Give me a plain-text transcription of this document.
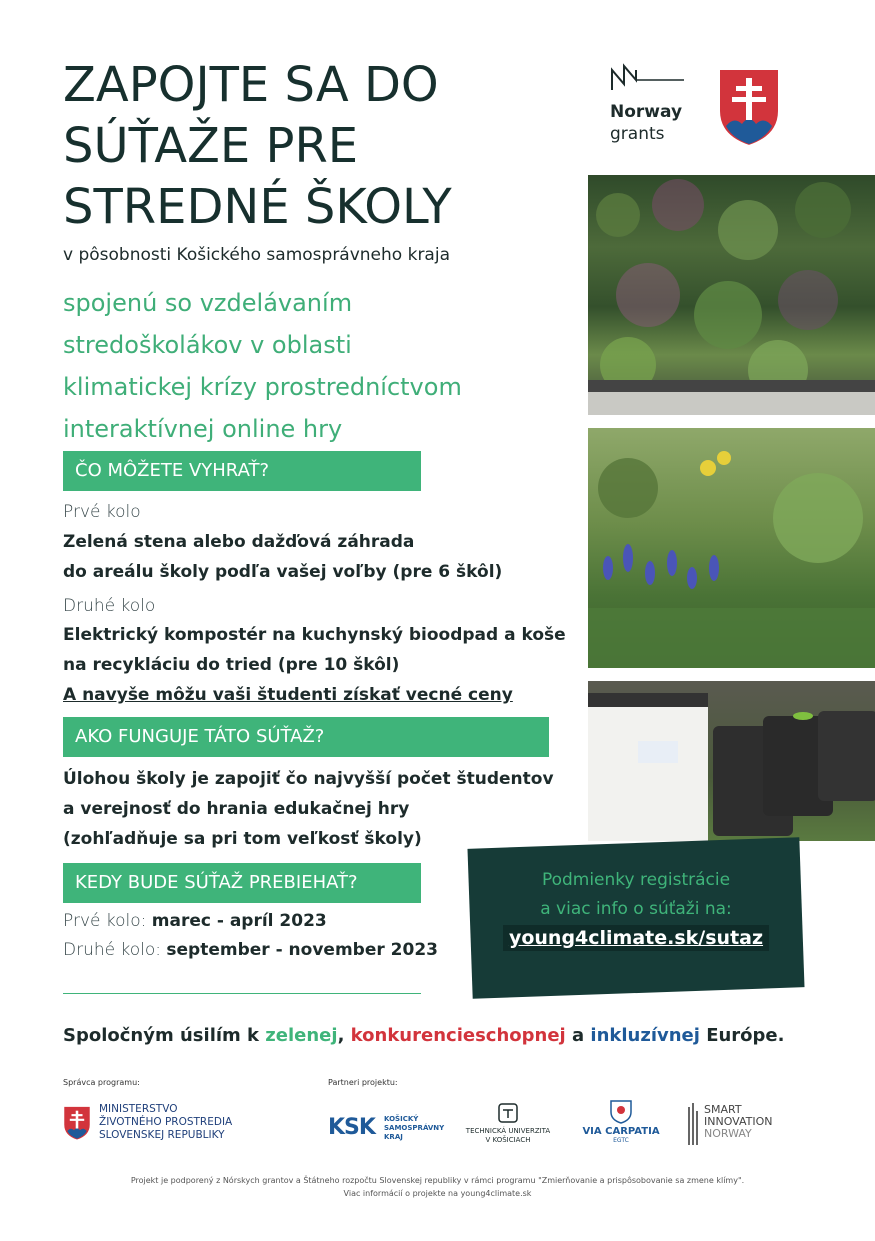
ZAPOJTE SA DO
SÚŤAŽE PRE
STREDNÉ ŠKOLY
v pôsobnosti Košického samosprávneho kraja
spojenú so vzdelávaním
stredoškolákov v oblasti
klimatickej krízy prostredníctvom
interaktívnej online hry
Norway
grants
ČO MÔŽETE VYHRAŤ?
Prvé kolo
Zelená stena alebo dažďová záhrada
do areálu školy podľa vašej voľby (pre 6 škôl)
Druhé kolo
Elektrický kompostér na kuchynský bioodpad a koše
na recykláciu do tried (pre 10 škôl)
A navyše môžu vaši študenti získať vecné ceny
AKO FUNGUJE TÁTO SÚŤAŽ?
Úlohou školy je zapojiť čo najvyšší počet študentov
a verejnosť do hrania edukačnej hry
(zohľadňuje sa pri tom veľkosť školy)
KEDY BUDE SÚŤAŽ PREBIEHAŤ?
Prvé kolo: marec - apríl 2023
Druhé kolo: september - november 2023
Podmienky registrácie
a viac info o súťaži na:
young4climate.sk/sutaz
Spoločným úsilím k zelenej, konkurencieschopnej a inkluzívnej Európe.
Správca programu:	Partneri projektu:
MINISTERSTVO
ŽIVOTNÉHO PROSTREDIA
SLOVENSKEJ REPUBLIKY	KSK KOŠICKÝ
SAMOSPRÁVNY
KRAJ
TECHNICKÁ UNIVERZITA
V KOŠICIACH
VIA CARPATIA
EGTC
SMART
INNOVATION
NORWAY
Projekt je podporený z Nórskych grantov a Štátneho rozpočtu Slovenskej republiky v rámci programu "Zmierňovanie a prispôsobovanie sa zmene klímy".
Viac informácií o projekte na young4climate.sk
